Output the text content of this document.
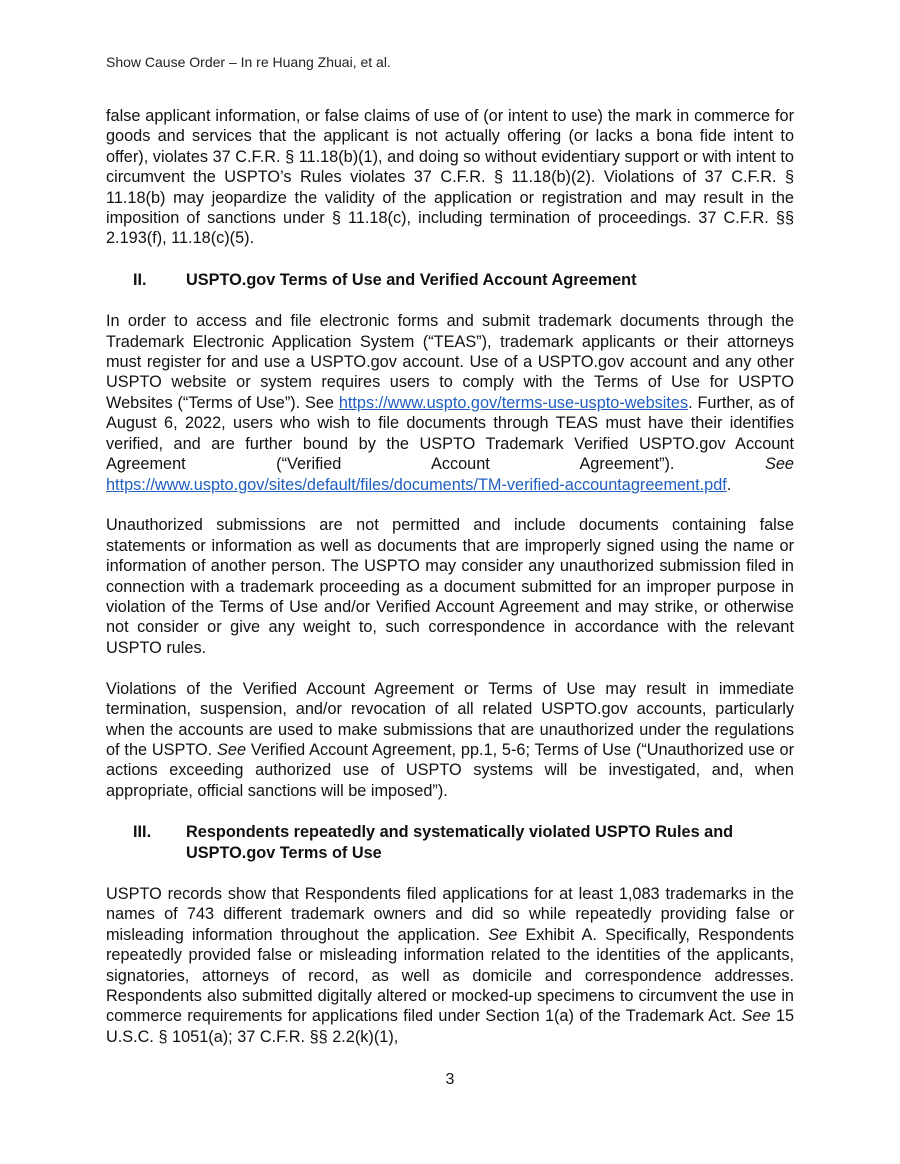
Show Cause Order – In re Huang Zhuai, et al.

false applicant information, or false claims of use of (or intent to use) the mark in commerce for goods and services that the applicant is not actually offering (or lacks a bona fide intent to offer), violates 37 C.F.R. § 11.18(b)(1), and doing so without evidentiary support or with intent to circumvent the USPTO’s Rules violates 37 C.F.R. § 11.18(b)(2). Violations of 37 C.F.R. § 11.18(b) may jeopardize the validity of the application or registration and may result in the imposition of sanctions under § 11.18(c), including termination of proceedings. 37 C.F.R. §§ 2.193(f), 11.18(c)(5).

II.	USPTO.gov Terms of Use and Verified Account Agreement

In order to access and file electronic forms and submit trademark documents through the Trademark Electronic Application System (“TEAS”), trademark applicants or their attorneys must register for and use a USPTO.gov account. Use of a USPTO.gov account and any other USPTO website or system requires users to comply with the Terms of Use for USPTO Websites (“Terms of Use”). See https://www.uspto.gov/terms-use-uspto-websites. Further, as of August 6, 2022, users who wish to file documents through TEAS must have their identifies verified, and are further bound by the USPTO Trademark Verified USPTO.gov Account Agreement (“Verified Account Agreement”). See https://www.uspto.gov/sites/default/files/documents/TM-verified-accountagreement.pdf.

Unauthorized submissions are not permitted and include documents containing false statements or information as well as documents that are improperly signed using the name or information of another person. The USPTO may consider any unauthorized submission filed in connection with a trademark proceeding as a document submitted for an improper purpose in violation of the Terms of Use and/or Verified Account Agreement and may strike, or otherwise not consider or give any weight to, such correspondence in accordance with the relevant USPTO rules.

Violations of the Verified Account Agreement or Terms of Use may result in immediate termination, suspension, and/or revocation of all related USPTO.gov accounts, particularly when the accounts are used to make submissions that are unauthorized under the regulations of the USPTO. See Verified Account Agreement, pp.1, 5-6; Terms of Use (“Unauthorized use or actions exceeding authorized use of USPTO systems will be investigated, and, when appropriate, official sanctions will be imposed”).

III.	Respondents repeatedly and systematically violated USPTO Rules and USPTO.gov Terms of Use

USPTO records show that Respondents filed applications for at least 1,083 trademarks in the names of 743 different trademark owners and did so while repeatedly providing false or misleading information throughout the application. See Exhibit A. Specifically, Respondents repeatedly provided false or misleading information related to the identities of the applicants, signatories, attorneys of record, as well as domicile and correspondence addresses. Respondents also submitted digitally altered or mocked-up specimens to circumvent the use in commerce requirements for applications filed under Section 1(a) of the Trademark Act. See 15 U.S.C. § 1051(a); 37 C.F.R. §§ 2.2(k)(1),

3
